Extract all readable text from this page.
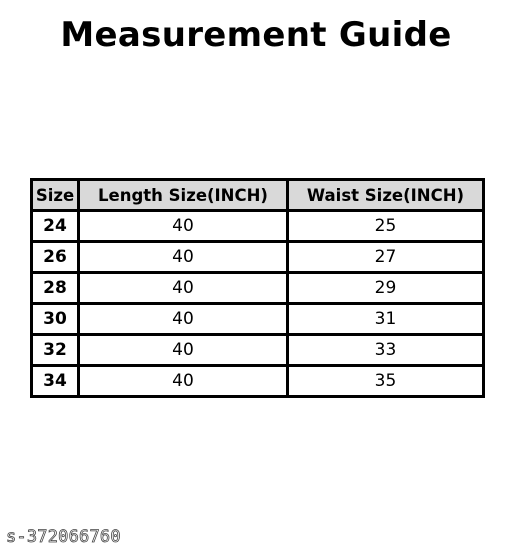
Measurement Guide
Size	Length Size(INCH)	Waist Size(INCH)
24	40	25
26	40	27
28	40	29
30	40	31
32	40	33
34	40	35
s-372066760
